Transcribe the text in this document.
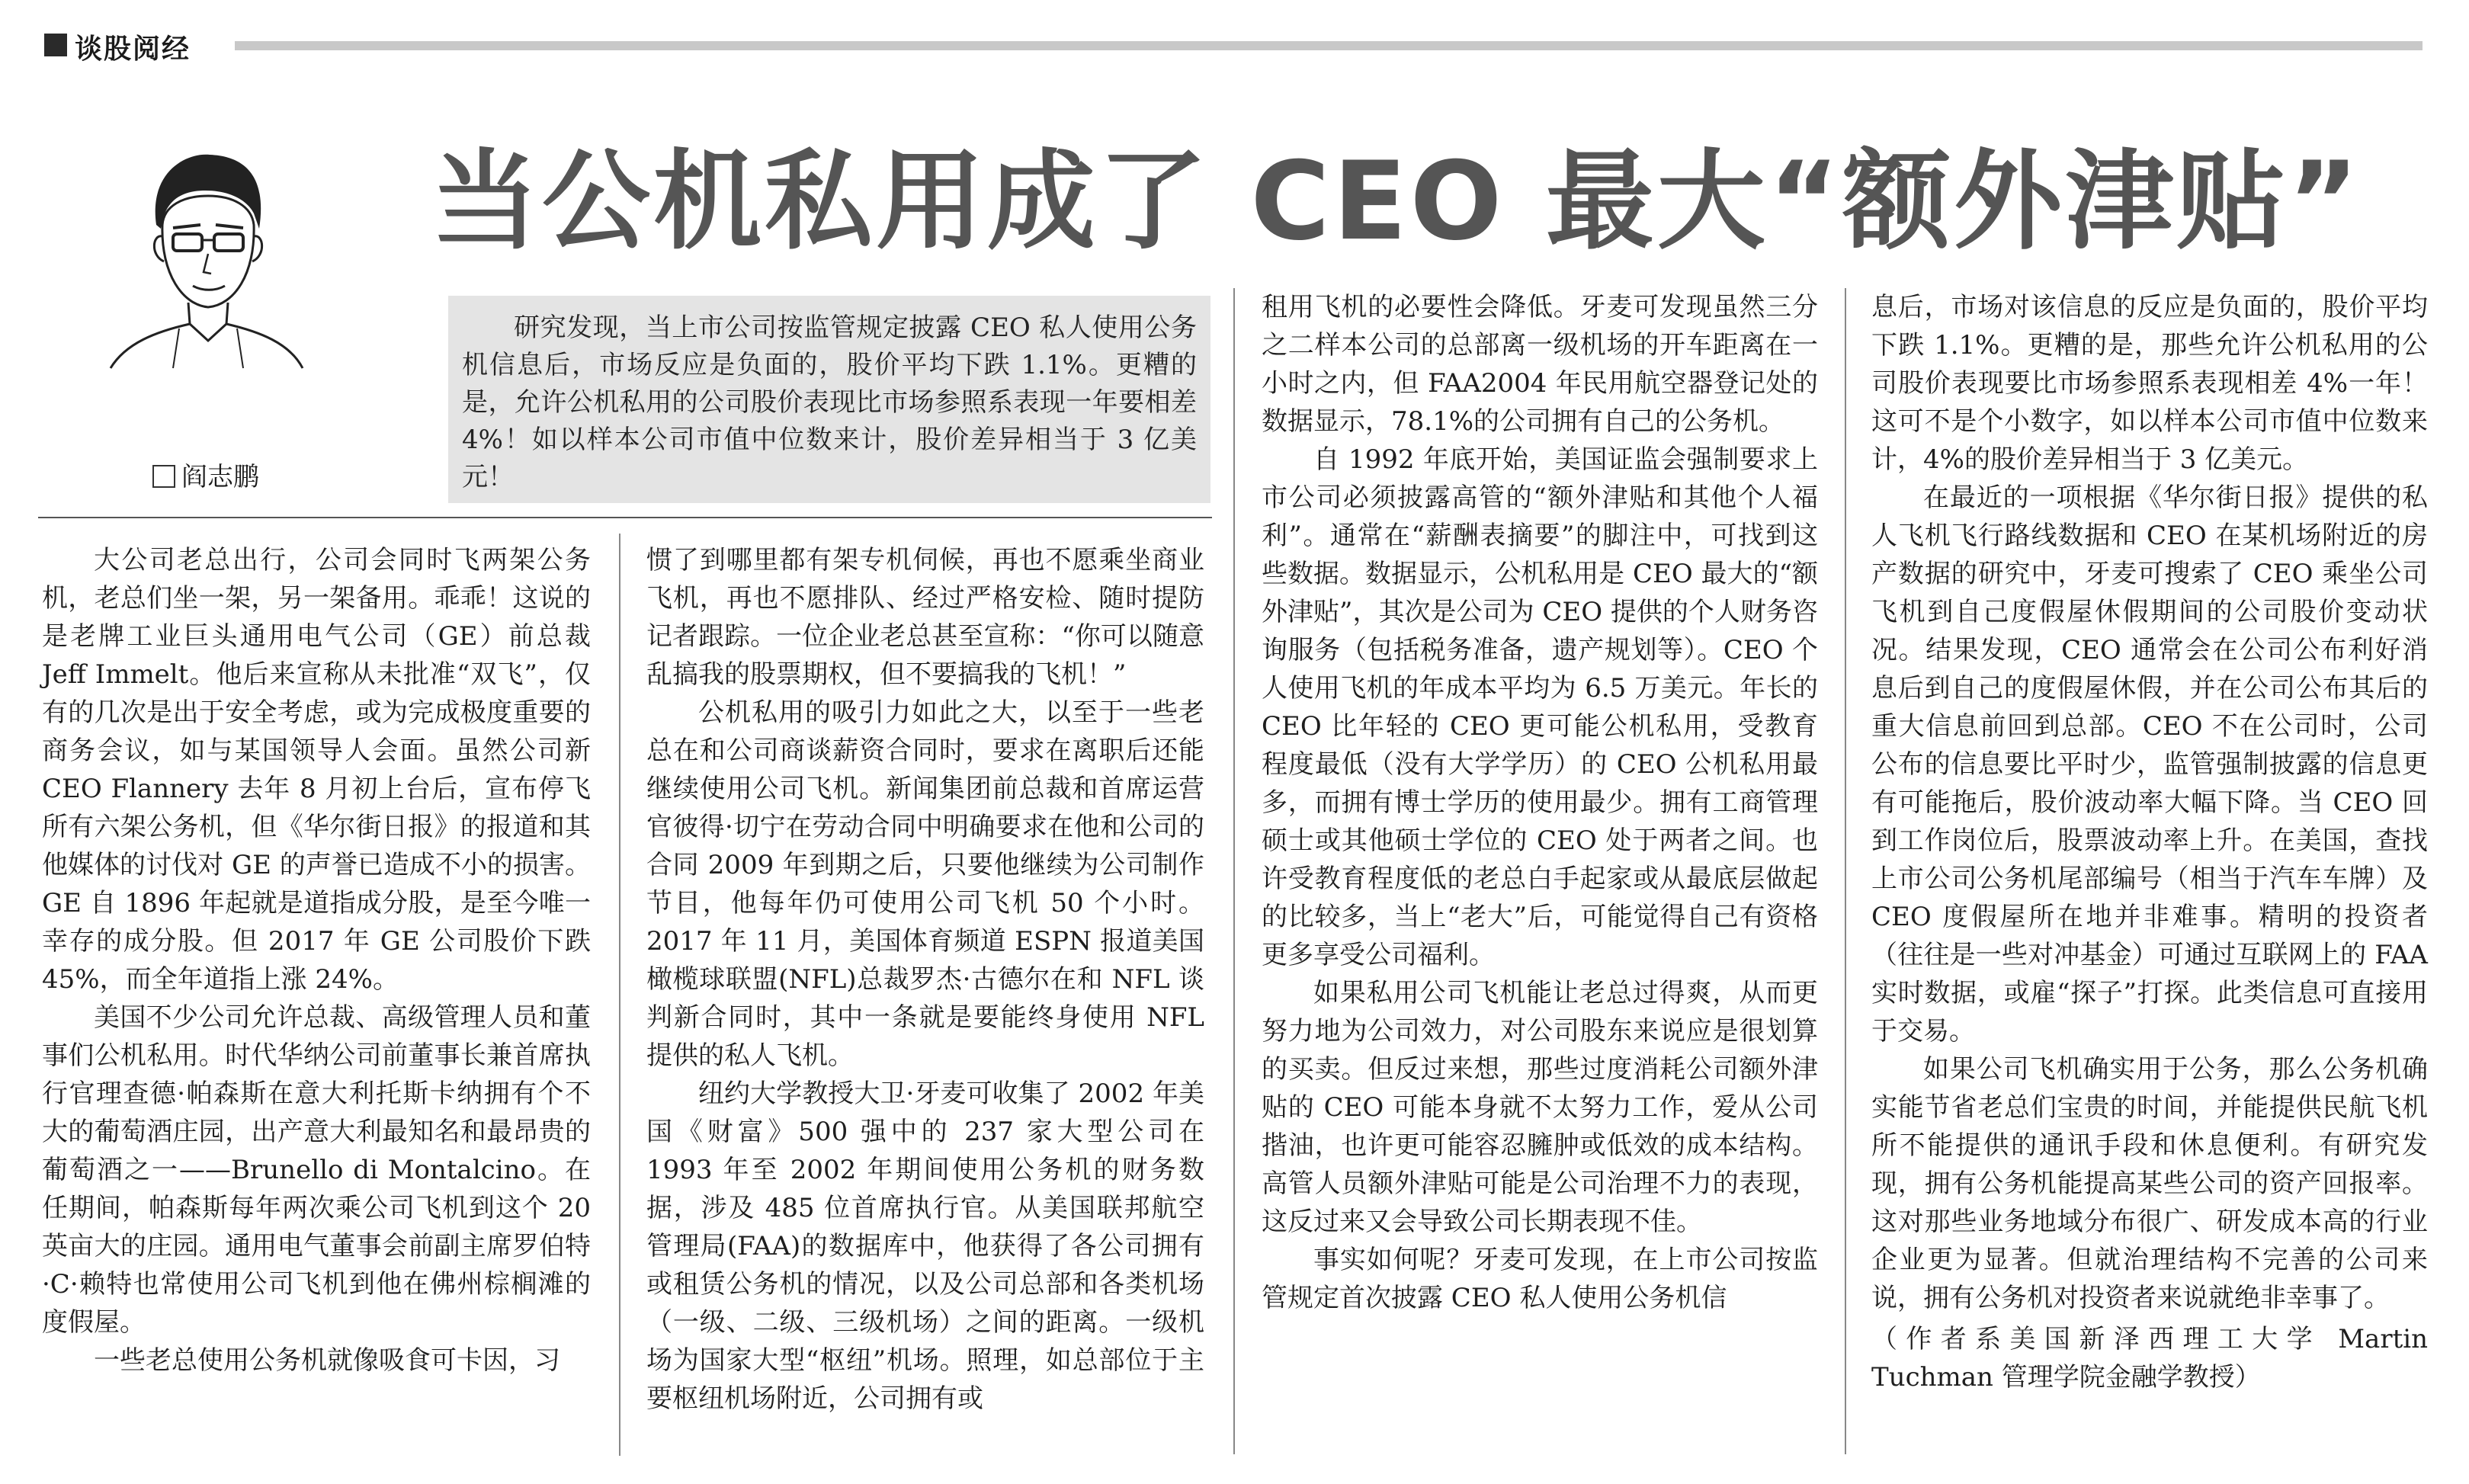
谈股阅经
阎志鹏
当公机私用成了 CEO 最大“额外津贴”

研究发现，当上市公司按监管规定披露 CEO 私人使用公务机信息后，市场反应是负面的，股价平均下跌 1.1%。更糟的是，允许公机私用的公司股价表现比市场参照系表现一年要相差 4%！如以样本公司市值中位数来计，股价差异相当于 3 亿美元！

大公司老总出行，公司会同时飞两架公务机，老总们坐一架，另一架备用。乖乖！这说的是老牌工业巨头通用电气公司（GE）前总裁 Jeff Immelt。他后来宣称从未批准“双飞”，仅有的几次是出于安全考虑，或为完成极度重要的商务会议，如与某国领导人会面。虽然公司新 CEO Flannery 去年 8 月初上台后，宣布停飞所有六架公务机，但《华尔街日报》的报道和其他媒体的讨伐对 GE 的声誉已造成不小的损害。GE 自 1896 年起就是道指成分股，是至今唯一幸存的成分股。但 2017 年 GE 公司股价下跌 45%，而全年道指上涨 24%。

美国不少公司允许总裁、高级管理人员和董事们公机私用。时代华纳公司前董事长兼首席执行官理查德·帕森斯在意大利托斯卡纳拥有个不大的葡萄酒庄园，出产意大利最知名和最昂贵的葡萄酒之一——Brunello di Montalcino。在任期间，帕森斯每年两次乘公司飞机到这个 20 英亩大的庄园。通用电气董事会前副主席罗伯特·C·赖特也常使用公司飞机到他在佛州棕榈滩的度假屋。

一些老总使用公务机就像吸食可卡因，习

惯了到哪里都有架专机伺候，再也不愿乘坐商业飞机，再也不愿排队、经过严格安检、随时提防记者跟踪。一位企业老总甚至宣称：“你可以随意乱搞我的股票期权，但不要搞我的飞机！”

公机私用的吸引力如此之大，以至于一些老总在和公司商谈薪资合同时，要求在离职后还能继续使用公司飞机。新闻集团前总裁和首席运营官彼得·切宁在劳动合同中明确要求在他和公司的合同 2009 年到期之后，只要他继续为公司制作节目，他每年仍可使用公司飞机 50 个小时。2017 年 11 月，美国体育频道 ESPN 报道美国橄榄球联盟(NFL)总裁罗杰·古德尔在和 NFL 谈判新合同时，其中一条就是要能终身使用 NFL 提供的私人飞机。

纽约大学教授大卫·牙麦可收集了 2002 年美国《财富》500 强中的 237 家大型公司在 1993 年至 2002 年期间使用公务机的财务数据，涉及 485 位首席执行官。从美国联邦航空管理局(FAA)的数据库中，他获得了各公司拥有或租赁公务机的情况，以及公司总部和各类机场（一级、二级、三级机场）之间的距离。一级机场为国家大型“枢纽”机场。照理，如总部位于主要枢纽机场附近，公司拥有或

租用飞机的必要性会降低。牙麦可发现虽然三分之二样本公司的总部离一级机场的开车距离在一小时之内，但 FAA2004 年民用航空器登记处的数据显示，78.1%的公司拥有自己的公务机。

自 1992 年底开始，美国证监会强制要求上市公司必须披露高管的“额外津贴和其他个人福利”。通常在“薪酬表摘要”的脚注中，可找到这些数据。数据显示，公机私用是 CEO 最大的“额外津贴”，其次是公司为 CEO 提供的个人财务咨询服务（包括税务准备，遗产规划等）。CEO 个人使用飞机的年成本平均为 6.5 万美元。年长的 CEO 比年轻的 CEO 更可能公机私用，受教育程度最低（没有大学学历）的 CEO 公机私用最多，而拥有博士学历的使用最少。拥有工商管理硕士或其他硕士学位的 CEO 处于两者之间。也许受教育程度低的老总白手起家或从最底层做起的比较多，当上“老大”后，可能觉得自己有资格更多享受公司福利。

如果私用公司飞机能让老总过得爽，从而更努力地为公司效力，对公司股东来说应是很划算的买卖。但反过来想，那些过度消耗公司额外津贴的 CEO 可能本身就不太努力工作，爱从公司揩油，也许更可能容忍臃肿或低效的成本结构。高管人员额外津贴可能是公司治理不力的表现，这反过来又会导致公司长期表现不佳。

事实如何呢？牙麦可发现，在上市公司按监管规定首次披露 CEO 私人使用公务机信

息后，市场对该信息的反应是负面的，股价平均下跌 1.1%。更糟的是，那些允许公机私用的公司股价表现要比市场参照系表现相差 4%一年！这可不是个小数字，如以样本公司市值中位数来计，4%的股价差异相当于 3 亿美元。

在最近的一项根据《华尔街日报》提供的私人飞机飞行路线数据和 CEO 在某机场附近的房产数据的研究中，牙麦可搜索了 CEO 乘坐公司飞机到自己度假屋休假期间的公司股价变动状况。结果发现，CEO 通常会在公司公布利好消息后到自己的度假屋休假，并在公司公布其后的重大信息前回到总部。CEO 不在公司时，公司公布的信息要比平时少，监管强制披露的信息更有可能拖后，股价波动率大幅下降。当 CEO 回到工作岗位后，股票波动率上升。在美国，查找上市公司公务机尾部编号（相当于汽车车牌）及 CEO 度假屋所在地并非难事。精明的投资者（往往是一些对冲基金）可通过互联网上的 FAA 实时数据，或雇“探子”打探。此类信息可直接用于交易。

如果公司飞机确实用于公务，那么公务机确实能节省老总们宝贵的时间，并能提供民航飞机所不能提供的通讯手段和休息便利。有研究发现，拥有公务机能提高某些公司的资产回报率。这对那些业务地域分布很广、研发成本高的行业企业更为显著。但就治理结构不完善的公司来说，拥有公务机对投资者来说就绝非幸事了。

（作者系美国新泽西理工大学 Martin Tuchman 管理学院金融学教授）
